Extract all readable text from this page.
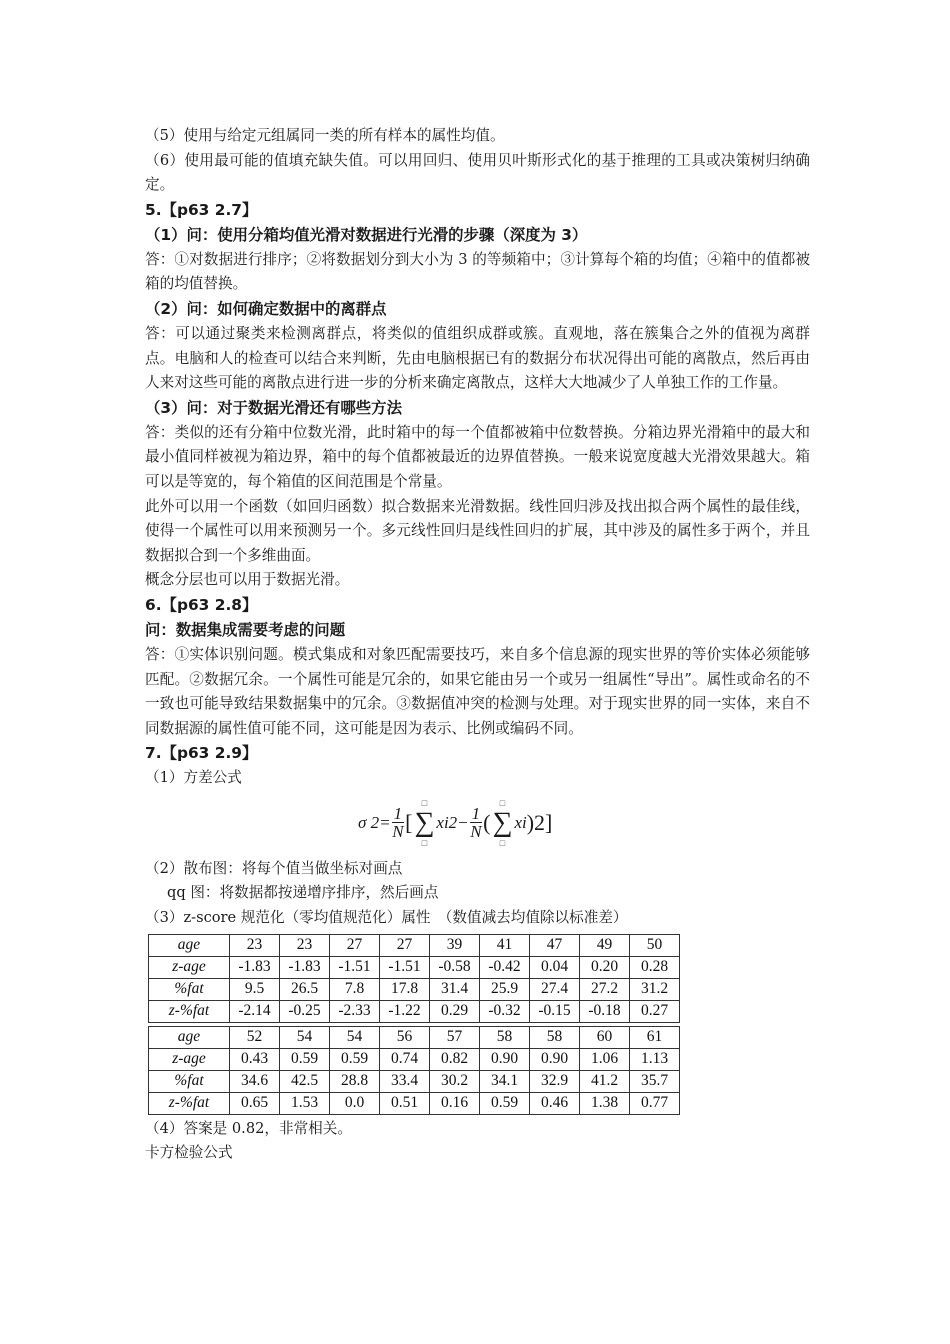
（5）使用与给定元组属同一类的所有样本的属性均值。

（6）使用最可能的值填充缺失值。可以用回归、使用贝叶斯形式化的基于推理的工具或决策树归纳确定。

5.【p63 2.7】

（1）问：使用分箱均值光滑对数据进行光滑的步骤（深度为 3）

答：①对数据进行排序；②将数据划分到大小为 3 的等频箱中；③计算每个箱的均值；④箱中的值都被箱的均值替换。

（2）问：如何确定数据中的离群点

答：可以通过聚类来检测离群点，将类似的值组织成群或簇。直观地，落在簇集合之外的值视为离群点。电脑和人的检查可以结合来判断，先由电脑根据已有的数据分布状况得出可能的离散点，然后再由人来对这些可能的离散点进行进一步的分析来确定离散点，这样大大地减少了人单独工作的工作量。

（3）问：对于数据光滑还有哪些方法

答：类似的还有分箱中位数光滑，此时箱中的每一个值都被箱中位数替换。分箱边界光滑箱中的最大和最小值同样被视为箱边界，箱中的每个值都被最近的边界值替换。一般来说宽度越大光滑效果越大。箱可以是等宽的，每个箱值的区间范围是个常量。

此外可以用一个函数（如回归函数）拟合数据来光滑数据。线性回归涉及找出拟合两个属性的最佳线，使得一个属性可以用来预测另一个。多元线性回归是线性回归的扩展，其中涉及的属性多于两个，并且数据拟合到一个多维曲面。

概念分层也可以用于数据光滑。

6.【p63 2.8】

问：数据集成需要考虑的问题

答：①实体识别问题。模式集成和对象匹配需要技巧，来自多个信息源的现实世界的等价实体必须能够匹配。②数据冗余。一个属性可能是冗余的，如果它能由另一个或另一组属性“导出”。属性或命名的不一致也可能导致结果数据集中的冗余。③数据值冲突的检测与处理。对于现实世界的同一实体，来自不同数据源的属性值可能不同，这可能是因为表示、比例或编码不同。

7.【p63 2.9】

（1）方差公式

σ $2= \frac{1}{N}$ [
□
∑
□
$xi2- \frac{1}{N}$ (
□
∑
□
xi )2]

（2）散布图：将每个值当做坐标对画点

qq 图：将数据都按递增序排序，然后画点

（3）z-score 规范化（零均值规范化）属性　（数值减去均值除以标准差）

age	23	23	27	27	39	41	47	49	50
z-age	-1.83	-1.83	-1.51	-1.51	-0.58	-0.42	0.04	0.20	0.28
%fat	9.5	26.5	7.8	17.8	31.4	25.9	27.4	27.2	31.2
z-%fat	-2.14	-0.25	-2.33	-1.22	0.29	-0.32	-0.15	-0.18	0.27
age	52	54	54	56	57	58	58	60	61
z-age	0.43	0.59	0.59	0.74	0.82	0.90	0.90	1.06	1.13
%fat	34.6	42.5	28.8	33.4	30.2	34.1	32.9	41.2	35.7
z-%fat	0.65	1.53	0.0	0.51	0.16	0.59	0.46	1.38	0.77

（4）答案是 0.82，非常相关。

卡方检验公式
